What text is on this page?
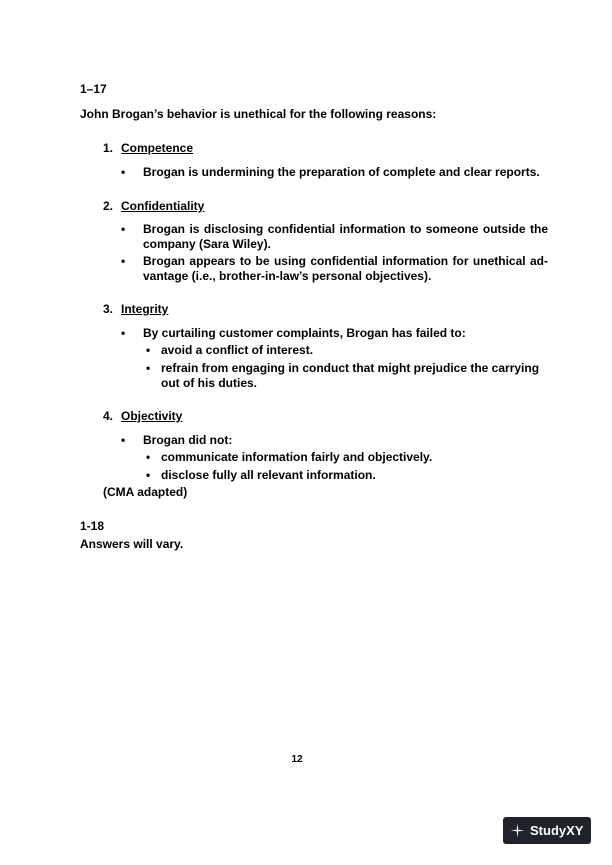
1–17
John Brogan’s behavior is unethical for the following reasons:
1. Competence
• Brogan is undermining the preparation of complete and clear reports.
2. Confidentiality
• Brogan is disclosing confidential information to someone outside the
company (Sara Wiley).
• Brogan appears to be using confidential information for unethical ad-
vantage (i.e., brother-in-law’s personal objectives).
3. Integrity
• By curtailing customer complaints, Brogan has failed to:
• avoid a conflict of interest.
• refrain from engaging in conduct that might prejudice the carrying
out of his duties.
4. Objectivity
• Brogan did not:
• communicate information fairly and objectively.
• disclose fully all relevant information.
(CMA adapted)
1-18
Answers will vary.
12
StudyXY
